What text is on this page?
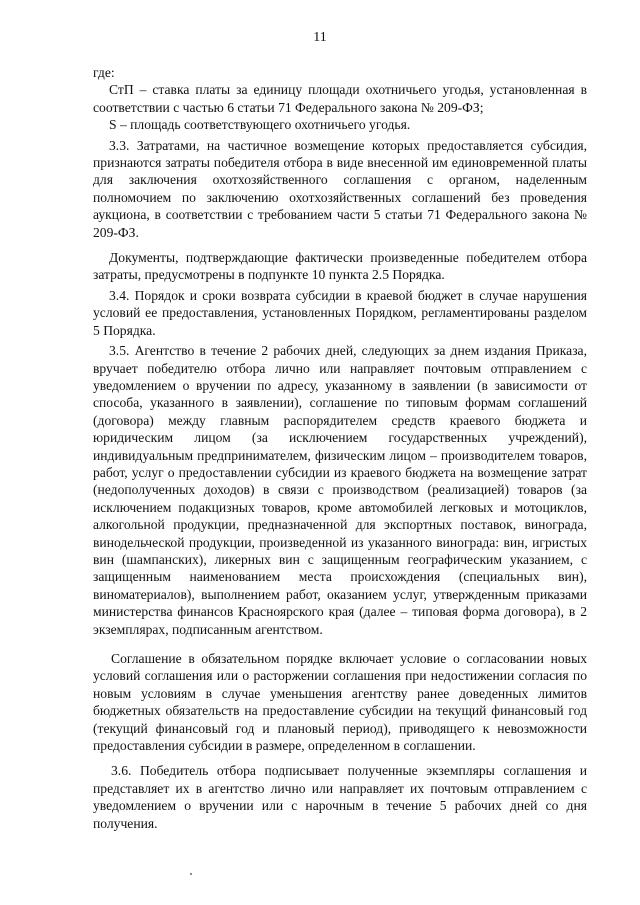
11

где:

СтП – ставка платы за единицу площади охотничьего угодья, установленная в соответствии с частью 6 статьи 71 Федерального закона № 209-ФЗ;

S – площадь соответствующего охотничьего угодья.

3.3. Затратами, на частичное возмещение которых предоставляется субсидия, признаются затраты победителя отбора в виде внесенной им единовременной платы для заключения охотхозяйственного соглашения с органом, наделенным полномочием по заключению охотхозяйственных соглашений без проведения аукциона, в соответствии с требованием части 5 статьи 71 Федерального закона № 209-ФЗ.

Документы, подтверждающие фактически произведенные победителем отбора затраты, предусмотрены в подпункте 10 пункта 2.5 Порядка.

3.4. Порядок и сроки возврата субсидии в краевой бюджет в случае нарушения условий ее предоставления, установленных Порядком, регламентированы разделом 5 Порядка.

3.5. Агентство в течение 2 рабочих дней, следующих за днем издания Приказа, вручает победителю отбора лично или направляет почтовым отправлением с уведомлением о вручении по адресу, указанному в заявлении (в зависимости от способа, указанного в заявлении), соглашение по типовым формам соглашений (договора) между главным распорядителем средств краевого бюджета и юридическим лицом (за исключением государственных учреждений), индивидуальным предпринимателем, физическим лицом – производителем товаров, работ, услуг о предоставлении субсидии из краевого бюджета на возмещение затрат (недополученных доходов) в связи с производством (реализацией) товаров (за исключением подакцизных товаров, кроме автомобилей легковых и мотоциклов, алкогольной продукции, предназначенной для экспортных поставок, винограда, винодельческой продукции, произведенной из указанного винограда: вин, игристых вин (шампанских), ликерных вин с защищенным географическим указанием, с защищенным наименованием места происхождения (специальных вин), виноматериалов), выполнением работ, оказанием услуг, утвержденным приказами министерства финансов Красноярского края (далее – типовая форма договора), в 2 экземплярах, подписанным агентством.

Соглашение в обязательном порядке включает условие о согласовании новых условий соглашения или о расторжении соглашения при недостижении согласия по новым условиям в случае уменьшения агентству ранее доведенных лимитов бюджетных обязательств на предоставление субсидии на текущий финансовый год (текущий финансовый год и плановый период), приводящего к невозможности предоставления субсидии в размере, определенном в соглашении.

3.6. Победитель отбора подписывает полученные экземпляры соглашения и представляет их в агентство лично или направляет их почтовым отправлением с уведомлением о вручении или с нарочным в течение 5 рабочих дней со дня получения.
